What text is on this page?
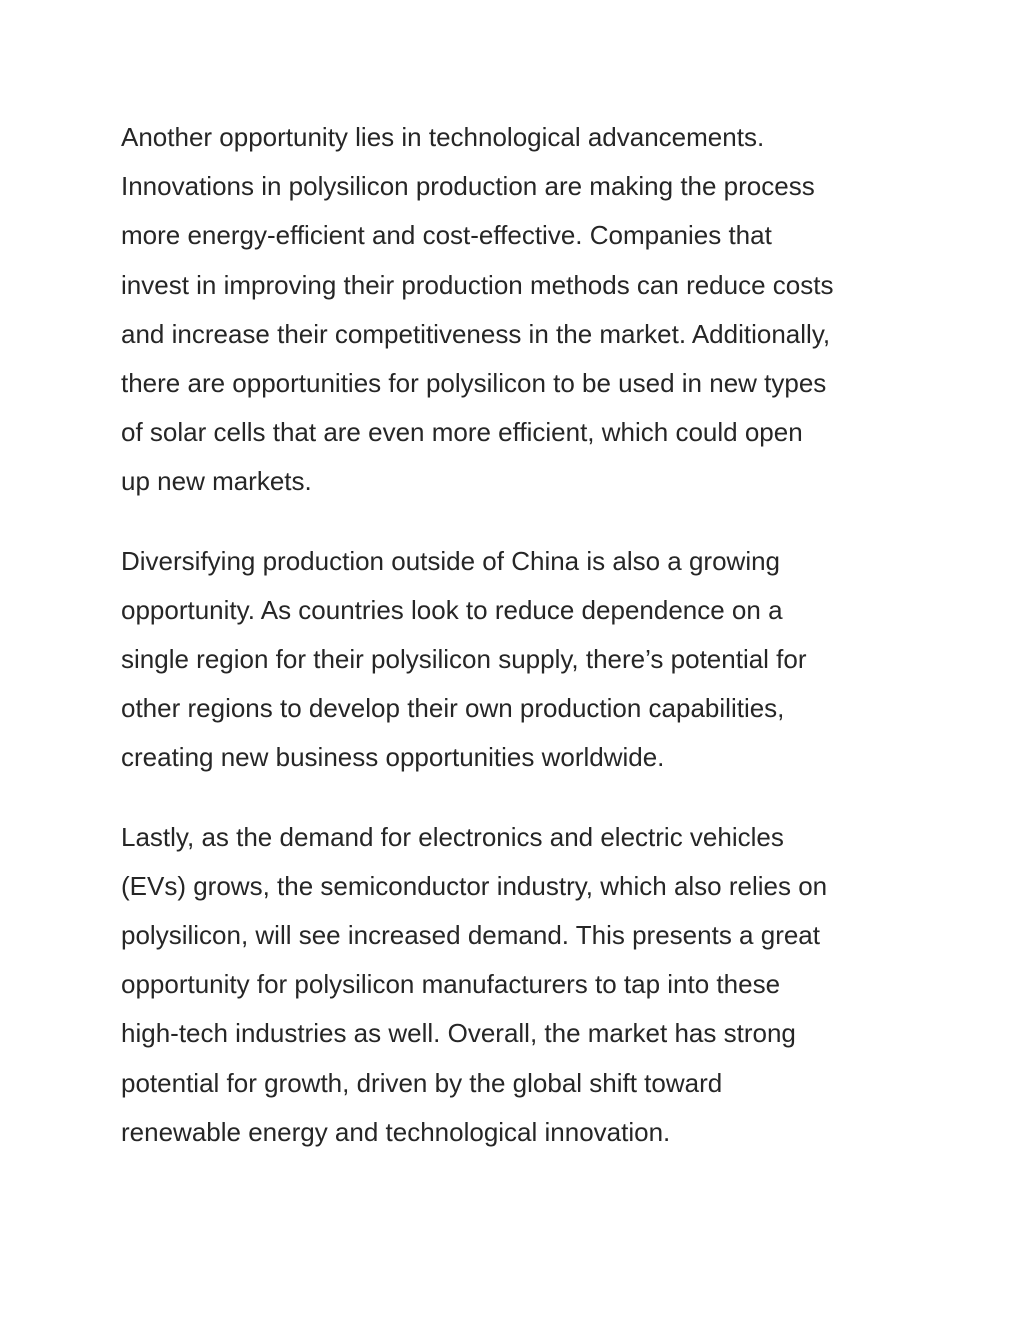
Another opportunity lies in technological advancements.
Innovations in polysilicon production are making the process
more energy-efficient and cost-effective. Companies that
invest in improving their production methods can reduce costs
and increase their competitiveness in the market. Additionally,
there are opportunities for polysilicon to be used in new types
of solar cells that are even more efficient, which could open
up new markets.

Diversifying production outside of China is also a growing
opportunity. As countries look to reduce dependence on a
single region for their polysilicon supply, there’s potential for
other regions to develop their own production capabilities,
creating new business opportunities worldwide.

Lastly, as the demand for electronics and electric vehicles
(EVs) grows, the semiconductor industry, which also relies on
polysilicon, will see increased demand. This presents a great
opportunity for polysilicon manufacturers to tap into these
high-tech industries as well. Overall, the market has strong
potential for growth, driven by the global shift toward
renewable energy and technological innovation.
